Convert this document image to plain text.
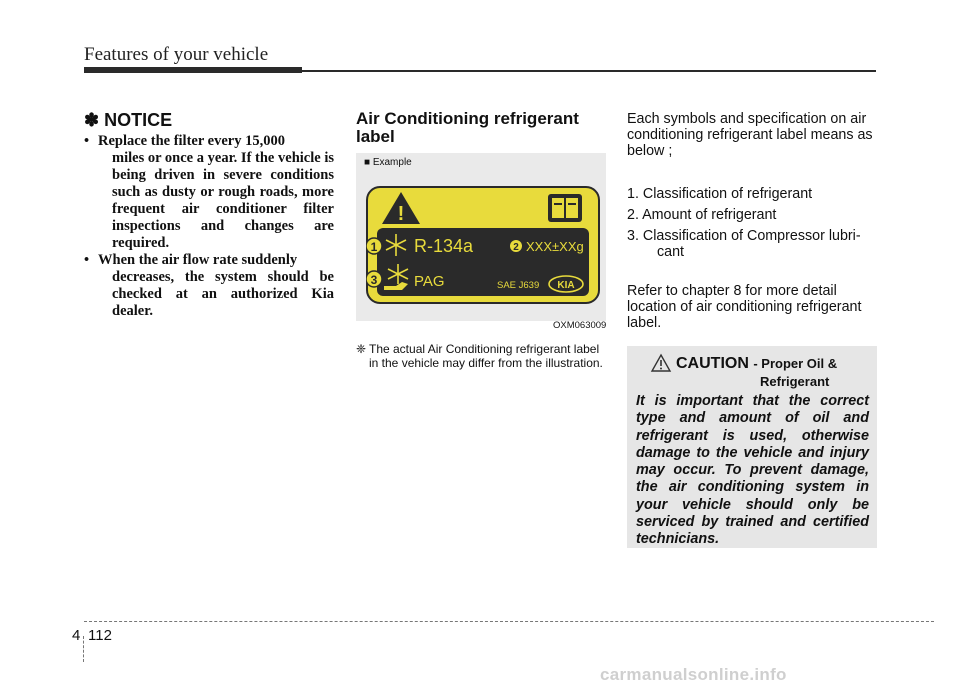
Features of your vehicle
✽ NOTICE
• Replace the filter every 15,000
miles or once a year. If the vehicle is being driven in severe conditions such as dusty or rough roads, more frequent air conditioner filter inspections and changes are required.
• When the air flow rate suddenly
decreases, the system should be checked at an authorized Kia dealer.
Air Conditioning refrigerant label
■ Example
!
1
3
R-134a	2 XXX±XXg
PAG	SAE J639 KIA
OXM063009
❈ The actual Air Conditioning refrigerant label in the vehicle may differ from the illustration.
Each symbols and specification on air conditioning refrigerant label means as below ;
1. Classification of refrigerant
2. Amount of refrigerant
3. Classification of Compressor lubri-
cant
Refer to chapter 8 for more detail location of air conditioning refrigerant label.
CAUTION - Proper Oil &
Refrigerant
It is important that the correct type and amount of oil and refrigerant is used, otherwise damage to the vehicle and injury may occur. To prevent damage, the air conditioning system in your vehicle should only be serviced by trained and certified technicians.
4 112
carmanualsonline.info
